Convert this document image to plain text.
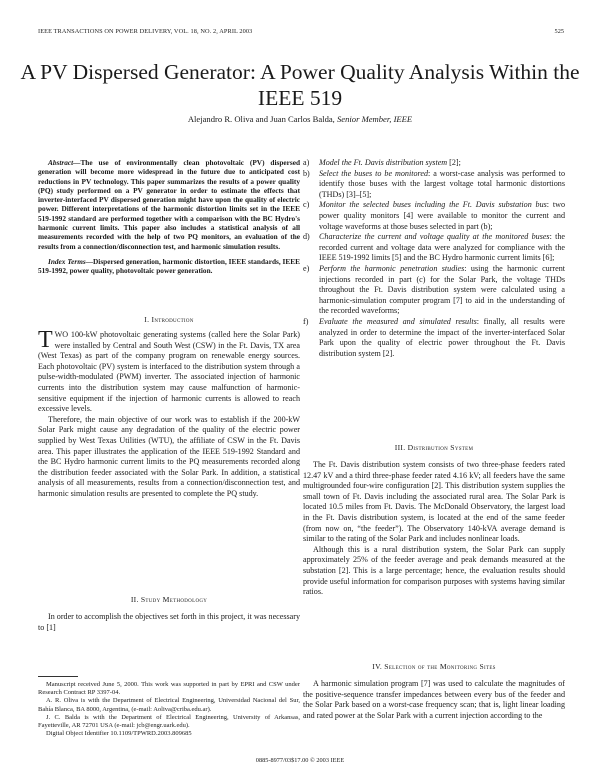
IEEE TRANSACTIONS ON POWER DELIVERY, VOL. 18, NO. 2, APRIL 2003	525
A PV Dispersed Generator: A Power Quality Analysis Within the IEEE 519
Alejandro R. Oliva and Juan Carlos Balda, Senior Member, IEEE

Abstract—The use of environmentally clean photovoltaic (PV) dispersed generation will become more widespread in the future due to anticipated cost reductions in PV technology. This paper summarizes the results of a power quality (PQ) study performed on a PV generator in order to estimate the effects that inverter-interfaced PV dispersed generation might have upon the quality of electric power. Different interpretations of the harmonic distortion limits set in the IEEE 519-1992 standard are performed together with a comparison with the BC Hydro's harmonic current limits. This paper also includes a statistical analysis of all measurements recorded with the help of two PQ monitors, an evaluation of the results from a connection/disconnection test, and harmonic simulation results.

Index Terms—Dispersed generation, harmonic distortion, IEEE standards, IEEE 519-1992, power quality, photovoltaic power generation.

I. Introduction

TWO 100-kW photovoltaic generating systems (called here the Solar Park) were installed by Central and South West (CSW) in the Ft. Davis, TX area (West Texas) as part of the company program on renewable energy sources. Each photovoltaic (PV) system is interfaced to the distribution system through a pulse-width-modulated (PWM) inverter. The associated injection of harmonic currents into the distribution system may cause malfunction of harmonic-sensitive equipment if the injection of harmonic currents is allowed to reach excessive levels.

Therefore, the main objective of our work was to establish if the 200-kW Solar Park might cause any degradation of the quality of the electric power supplied by West Texas Utilities (WTU), the affiliate of CSW in the Ft. Davis area. This paper illustrates the application of the IEEE 519-1992 Standard and the BC Hydro harmonic current limits to the PQ measurements recorded along the distribution feeder associated with the Solar Park. In addition, a statistical analysis of all measurements, results from a connection/disconnection test, and harmonic simulation results are presented to complete the PQ study.

II. Study Methodology

In order to accomplish the objectives set forth in this project, it was necessary to [1]

Manuscript received June 5, 2000. This work was supported in part by EPRI and CSW under Research Contract RP 3397-04.

A. R. Oliva is with the Department of Electrical Engineering, Universidad Nacional del Sur, Bahía Blanca, BA 8000, Argentina, (e-mail: Aoliva@criba.edu.ar).

J. C. Balda is with the Department of Electrical Engineering, University of Arkansas, Fayetteville, AR 72701 USA (e-mail: jcb@engr.uark.edu).

Digital Object Identifier 10.1109/TPWRD.2003.809685

a) Model the Ft. Davis distribution system [2];
b) Select the buses to be monitored: a worst-case analysis was performed to identify those buses with the largest voltage total harmonic distortions (THDs) [3]–[5];
c) Monitor the selected buses including the Ft. Davis substation bus: two power quality monitors [4] were available to monitor the current and voltage waveforms at those buses selected in part (b);
d) Characterize the current and voltage quality at the monitored buses: the recorded current and voltage data were analyzed for compliance with the IEEE 519-1992 limits [5] and the BC Hydro harmonic current limits [6];
e) Perform the harmonic penetration studies: using the harmonic current injections recorded in part (c) for the Solar Park, the voltage THDs throughout the Ft. Davis distribution system were calculated using a harmonic-simulation computer program [7] to aid in the understanding of the recorded waveforms;
f) Evaluate the measured and simulated results: finally, all results were analyzed in order to determine the impact of the inverter-interfaced Solar Park upon the quality of electric power throughout the Ft. Davis distribution system [2].
III. Distribution System

The Ft. Davis distribution system consists of two three-phase feeders rated 12.47 kV and a third three-phase feeder rated 4.16 kV; all feeders have the same multigrounded four-wire configuration [2]. This distribution system supplies the small town of Ft. Davis including the associated rural area. The Solar Park is located 10.5 miles from Ft. Davis. The McDonald Observatory, the largest load in the Ft. Davis distribution system, is located at the end of the same feeder (from now on, “the feeder”). The Observatory 140-kVA average demand is similar to the rating of the Solar Park and includes nonlinear loads.

Although this is a rural distribution system, the Solar Park can supply approximately 25% of the feeder average and peak demands measured at the substation [2]. This is a large percentage; hence, the evaluation results should provide useful information for comparison purposes with systems having similar ratios.

IV. Selection of the Monitoring Sites

A harmonic simulation program [7] was used to calculate the magnitudes of the positive-sequence transfer impedances between every bus of the feeder and the Solar Park based on a worst-case frequency scan; that is, light linear loading and rated power at the Solar Park with a current injection according to the

0885-8977/03$17.00 © 2003 IEEE
